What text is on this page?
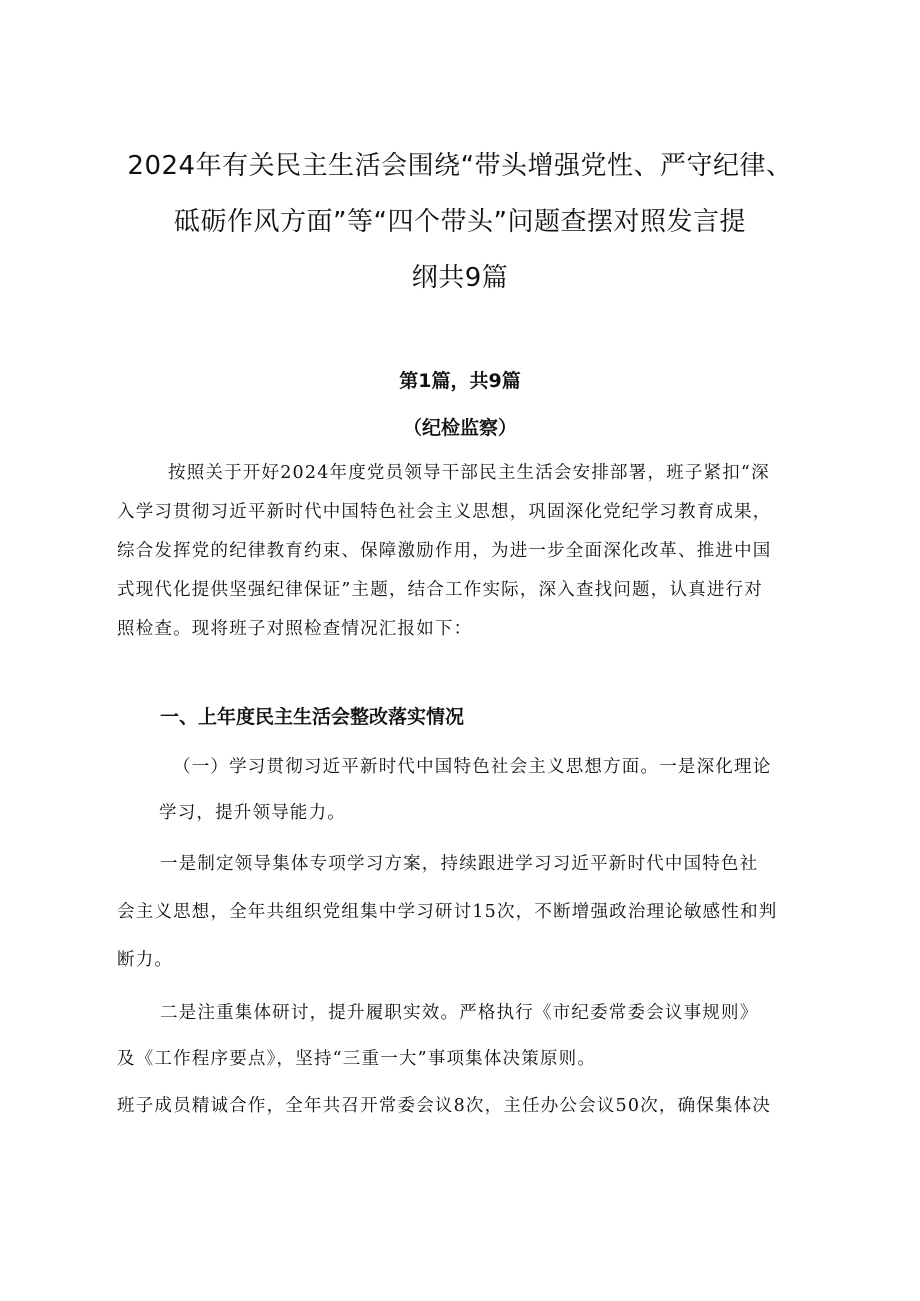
2024年有关民主生活会围绕“带头增强党性、严守纪律、
砥砺作风方面”等“四个带头”问题查摆对照发言提
纲共9篇
第1篇，共9篇
（纪检监察）
按照关于开好2024年度党员领导干部民主生活会安排部署，班子紧扣“深
入学习贯彻习近平新时代中国特色社会主义思想，巩固深化党纪学习教育成果，
综合发挥党的纪律教育约束、保障激励作用，为进一步全面深化改革、推进中国
式现代化提供坚强纪律保证”主题，结合工作实际，深入查找问题，认真进行对
照检查。现将班子对照检查情况汇报如下：
一、上年度民主生活会整改落实情况
（一）学习贯彻习近平新时代中国特色社会主义思想方面。一是深化理论
学习，提升领导能力。
一是制定领导集体专项学习方案，持续跟进学习习近平新时代中国特色社
会主义思想，全年共组织党组集中学习研讨15次，不断增强政治理论敏感性和判
断力。
二是注重集体研讨，提升履职实效。严格执行《市纪委常委会议事规则》
及《工作程序要点》，坚持“三重一大”事项集体决策原则。
班子成员精诚合作，全年共召开常委会议8次，主任办公会议50次，确保集体决
